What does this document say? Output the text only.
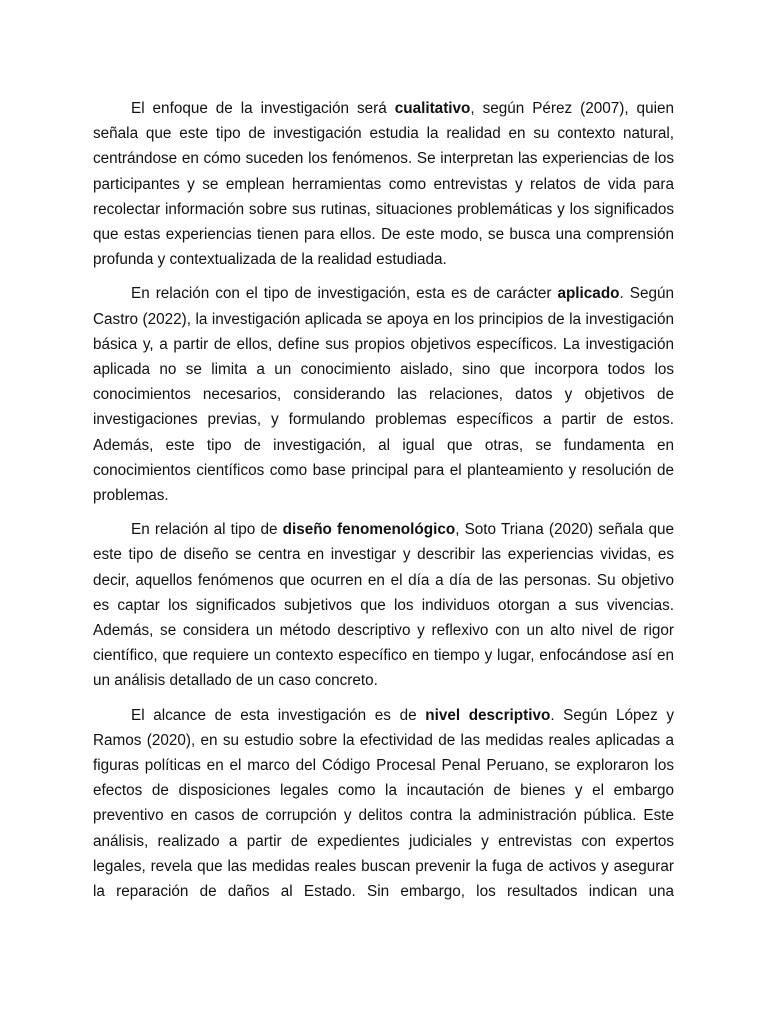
El enfoque de la investigación será cualitativo, según Pérez (2007), quien señala que este tipo de investigación estudia la realidad en su contexto natural, centrándose en cómo suceden los fenómenos. Se interpretan las experiencias de los participantes y se emplean herramientas como entrevistas y relatos de vida para recolectar información sobre sus rutinas, situaciones problemáticas y los significados que estas experiencias tienen para ellos. De este modo, se busca una comprensión profunda y contextualizada de la realidad estudiada.

En relación con el tipo de investigación, esta es de carácter aplicado. Según Castro (2022), la investigación aplicada se apoya en los principios de la investigación básica y, a partir de ellos, define sus propios objetivos específicos. La investigación aplicada no se limita a un conocimiento aislado, sino que incorpora todos los conocimientos necesarios, considerando las relaciones, datos y objetivos de investigaciones previas, y formulando problemas específicos a partir de estos. Además, este tipo de investigación, al igual que otras, se fundamenta en conocimientos científicos como base principal para el planteamiento y resolución de problemas.

En relación al tipo de diseño fenomenológico, Soto Triana (2020) señala que este tipo de diseño se centra en investigar y describir las experiencias vividas, es decir, aquellos fenómenos que ocurren en el día a día de las personas. Su objetivo es captar los significados subjetivos que los individuos otorgan a sus vivencias. Además, se considera un método descriptivo y reflexivo con un alto nivel de rigor científico, que requiere un contexto específico en tiempo y lugar, enfocándose así en un análisis detallado de un caso concreto.

El alcance de esta investigación es de nivel descriptivo. Según López y Ramos (2020), en su estudio sobre la efectividad de las medidas reales aplicadas a figuras políticas en el marco del Código Procesal Penal Peruano, se exploraron los efectos de disposiciones legales como la incautación de bienes y el embargo preventivo en casos de corrupción y delitos contra la administración pública. Este análisis, realizado a partir de expedientes judiciales y entrevistas con expertos legales, revela que las medidas reales buscan prevenir la fuga de activos y asegurar la reparación de daños al Estado. Sin embargo, los resultados indican una
